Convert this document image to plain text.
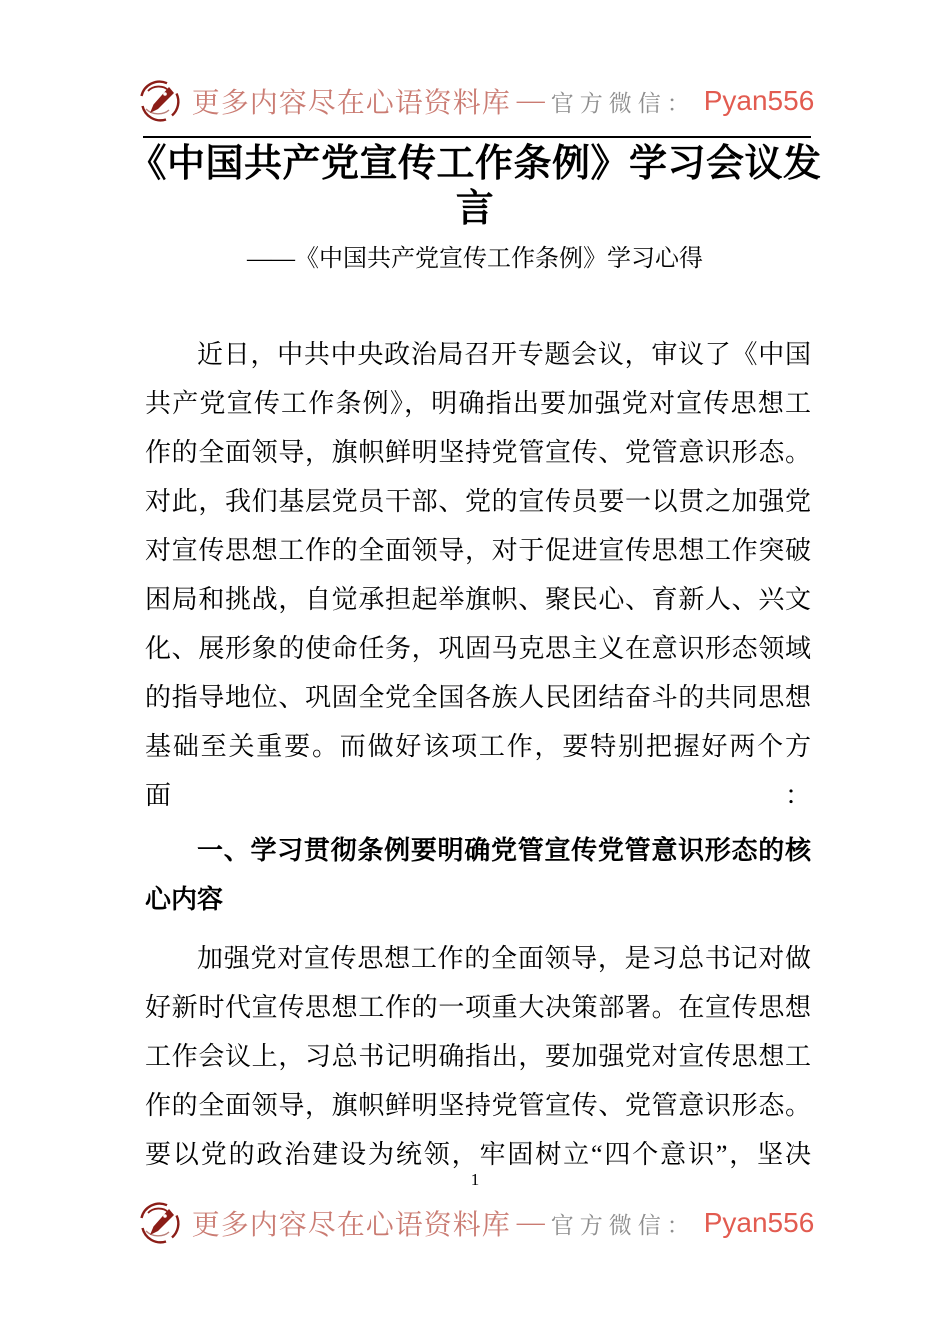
更多内容尽在心语资料库 — 官方微信： Pyan556
《中国共产党宣传工作条例》学习会议发
言
——《中国共产党宣传工作条例》学习心得
近日，中共中央政治局召开专题会议，审议了《中国
共产党宣传工作条例》，明确指出要加强党对宣传思想工
作的全面领导，旗帜鲜明坚持党管宣传、党管意识形态。
对此，我们基层党员干部、党的宣传员要一以贯之加强党
对宣传思想工作的全面领导，对于促进宣传思想工作突破
困局和挑战，自觉承担起举旗帜、聚民心、育新人、兴文
化、展形象的使命任务，巩固马克思主义在意识形态领域
的指导地位、巩固全党全国各族人民团结奋斗的共同思想
基础至关重要。而做好该项工作，要特别把握好两个方面：
一、学习贯彻条例要明确党管宣传党管意识形态的核
心内容
加强党对宣传思想工作的全面领导，是习总书记对做
好新时代宣传思想工作的一项重大决策部署。在宣传思想
工作会议上，习总书记明确指出，要加强党对宣传思想工
作的全面领导，旗帜鲜明坚持党管宣传、党管意识形态。
要以党的政治建设为统领，牢固树立“四个意识”，坚决
1
更多内容尽在心语资料库 — 官方微信： Pyan556
